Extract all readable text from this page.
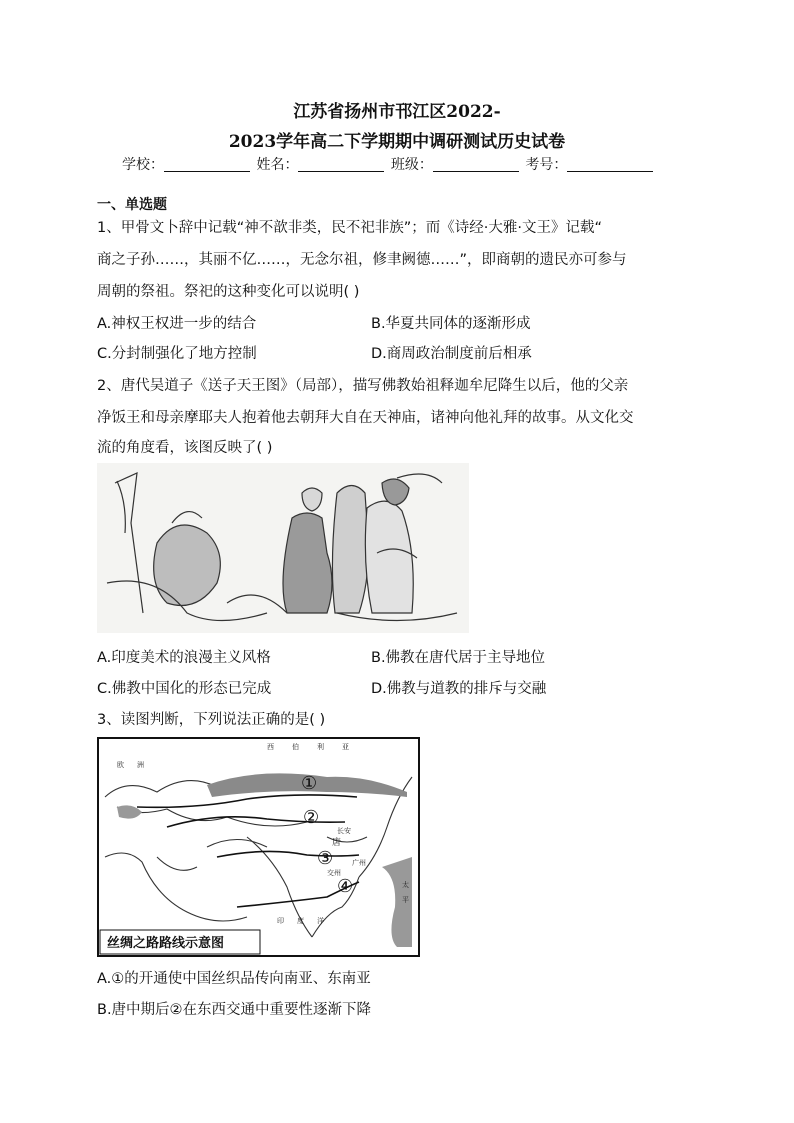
江苏省扬州市邗江区2022-
2023学年高二下学期期中调研测试历史试卷
学校：	姓名：	班级：	考号：
一、单选题
1、甲骨文卜辞中记载“神不歆非类，民不祀非族”；而《诗经·大雅·文王》记载“
商之子孙……，其丽不亿……，无念尔祖，修聿阙德……”，即商朝的遗民亦可参与
周朝的祭祖。祭祀的这种变化可以说明( )
A.神权王权进一步的结合	B.华夏共同体的逐渐形成
C.分封制强化了地方控制	D.商周政治制度前后相承
2、唐代吴道子《送子天王图》（局部），描写佛教始祖释迦牟尼降生以后，他的父亲
净饭王和母亲摩耶夫人抱着他去朝拜大自在天神庙，诸神向他礼拜的故事。从文化交
流的角度看，该图反映了( )
A.印度美术的浪漫主义风格	B.佛教在唐代居于主导地位
C.佛教中国化的形态已完成	D.佛教与道教的排斥与交融
3、读图判断，下列说法正确的是( )
①
②
③
④
西	伯	利	亚
欧 洲
唐
长安
广州
交州
印 度 洋
太
平
丝绸之路路线示意图
A.①的开通使中国丝织品传向南亚、东南亚
B.唐中期后②在东西交通中重要性逐渐下降
